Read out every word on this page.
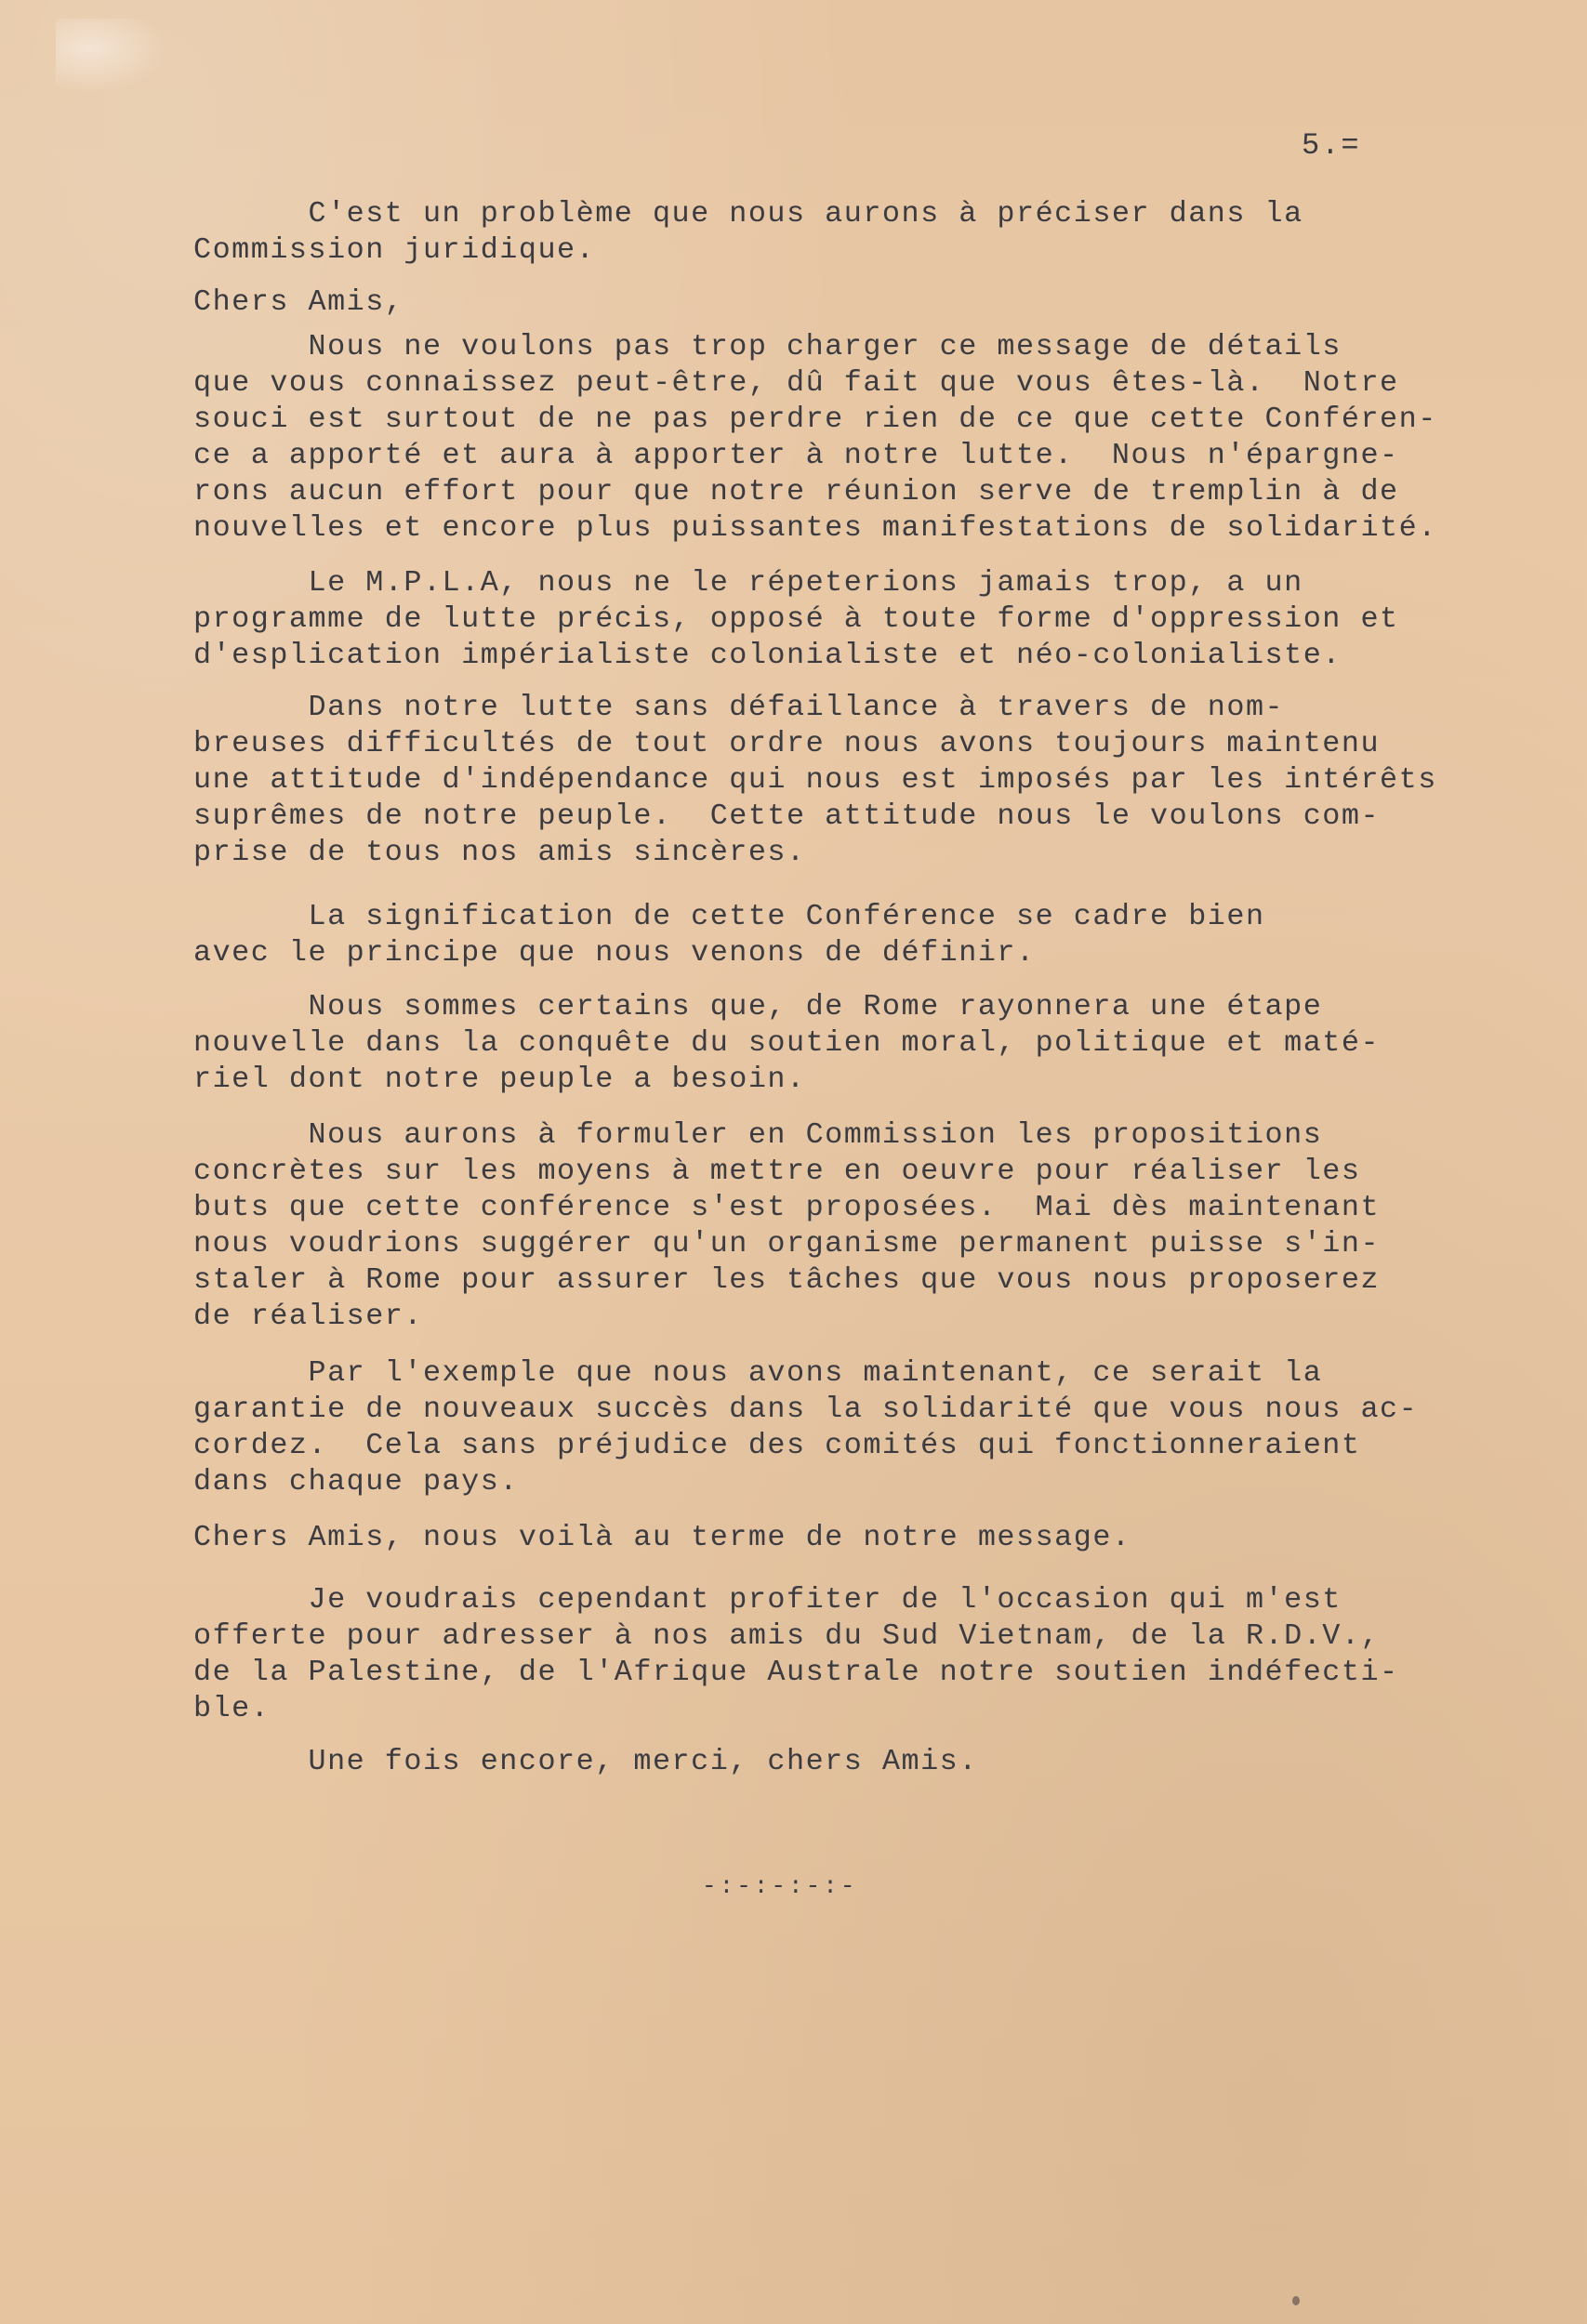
5.=
C'est un problème que nous aurons à préciser dans la
Commission juridique.
Chers Amis,
Nous ne voulons pas trop charger ce message de détails
que vous connaissez peut-être, dû fait que vous êtes-là.  Notre
souci est surtout de ne pas perdre rien de ce que cette Conféren-
ce a apporté et aura à apporter à notre lutte.  Nous n'épargne-
rons aucun effort pour que notre réunion serve de tremplin à de
nouvelles et encore plus puissantes manifestations de solidarité.
Le M.P.L.A, nous ne le répeterions jamais trop, a un
programme de lutte précis, opposé à toute forme d'oppression et
d'esplication impérialiste colonialiste et néo-colonialiste.
Dans notre lutte sans défaillance à travers de nom-
breuses difficultés de tout ordre nous avons toujours maintenu
une attitude d'indépendance qui nous est imposés par les intérêts
suprêmes de notre peuple.  Cette attitude nous le voulons com-
prise de tous nos amis sincères.
La signification de cette Conférence se cadre bien
avec le principe que nous venons de définir.
Nous sommes certains que, de Rome rayonnera une étape
nouvelle dans la conquête du soutien moral, politique et maté-
riel dont notre peuple a besoin.
Nous aurons à formuler en Commission les propositions
concrètes sur les moyens à mettre en oeuvre pour réaliser les
buts que cette conférence s'est proposées.  Mai dès maintenant
nous voudrions suggérer qu'un organisme permanent puisse s'in-
staler à Rome pour assurer les tâches que vous nous proposerez
de réaliser.
Par l'exemple que nous avons maintenant, ce serait la
garantie de nouveaux succès dans la solidarité que vous nous ac-
cordez.  Cela sans préjudice des comités qui fonctionneraient
dans chaque pays.
Chers Amis, nous voilà au terme de notre message.
Je voudrais cependant profiter de l'occasion qui m'est
offerte pour adresser à nos amis du Sud Vietnam, de la R.D.V.,
de la Palestine, de l'Afrique Australe notre soutien indéfecti-
ble.
Une fois encore, merci, chers Amis.
-:-:-:-:-
